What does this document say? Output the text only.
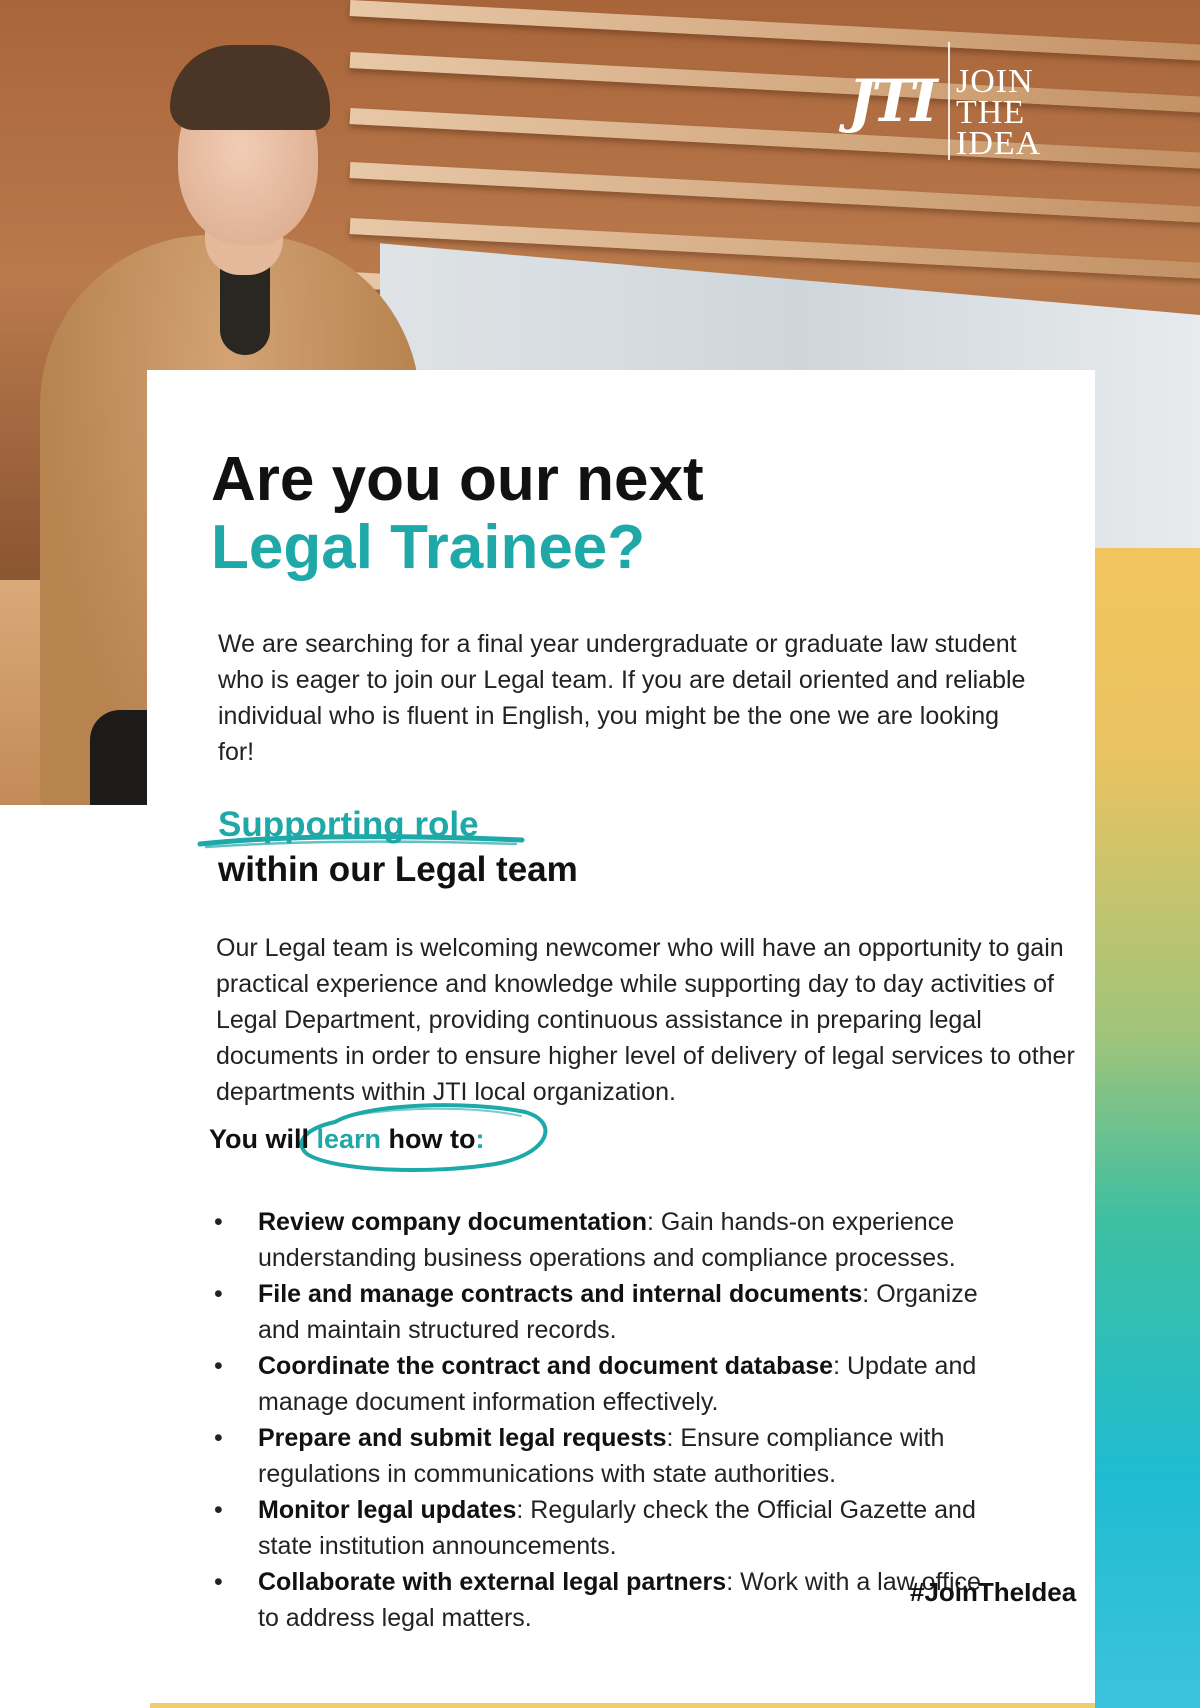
JTI JOIN
THE
IDEA
Are you our next
Legal Trainee?

We are searching for a final year undergraduate or graduate law student who is eager to join our Legal team. If you are detail oriented and reliable individual who is fluent in English, you might be the one we are looking for!

Supporting role
within our Legal team

Our Legal team is welcoming newcomer who will have an opportunity to gain practical experience and knowledge while supporting day to day activities of Legal Department, providing continuous assistance in preparing legal documents in order to ensure higher level of delivery of legal services to other departments within JTI local organization.

You will learn how to:
• Review company documentation: Gain hands-on experience understanding business operations and compliance processes.
• File and manage contracts and internal documents: Organize and maintain structured records.
• Coordinate the contract and document database: Update and manage document information effectively.
• Prepare and submit legal requests: Ensure compliance with regulations in communications with state authorities.
• Monitor legal updates: Regularly check the Official Gazette and state institution announcements.
• Collaborate with external legal partners: Work with a law office to address legal matters.
#JoinTheIdea
